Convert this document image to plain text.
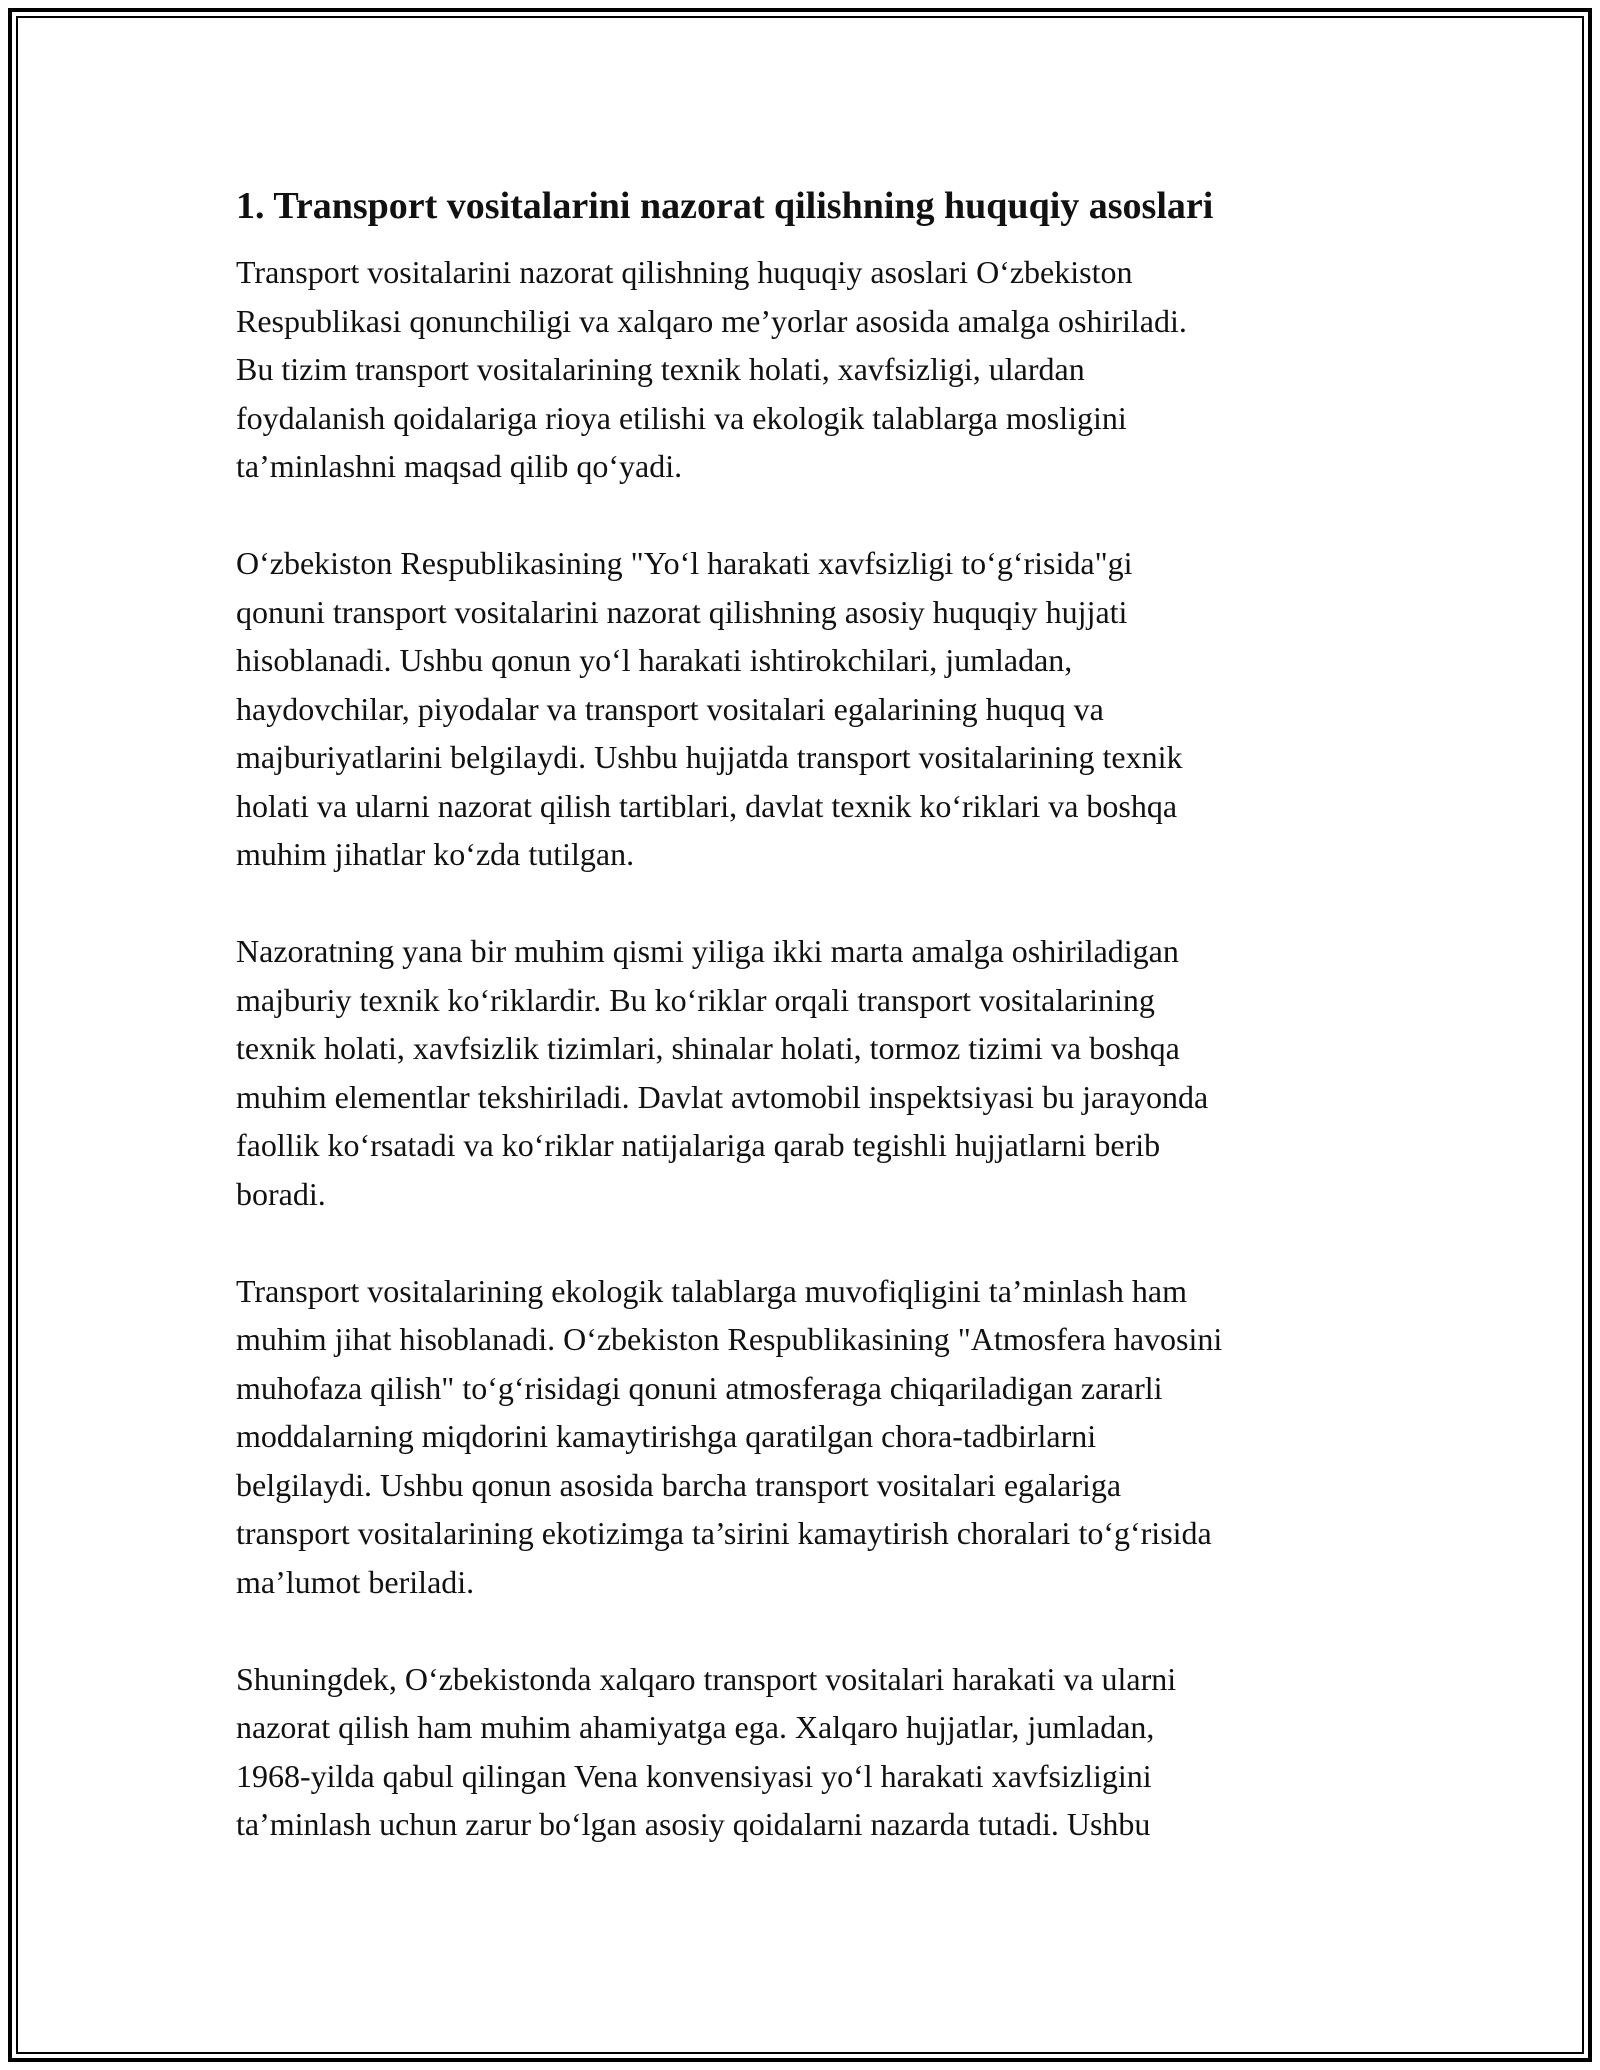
1. Transport vositalarini nazorat qilishning huquqiy asoslari

Transport vositalarini nazorat qilishning huquqiy asoslari O‘zbekiston
Respublikasi qonunchiligi va xalqaro me’yorlar asosida amalga oshiriladi.
Bu tizim transport vositalarining texnik holati, xavfsizligi, ulardan
foydalanish qoidalariga rioya etilishi va ekologik talablarga mosligini
ta’minlashni maqsad qilib qo‘yadi.

O‘zbekiston Respublikasining "Yo‘l harakati xavfsizligi to‘g‘risida"gi
qonuni transport vositalarini nazorat qilishning asosiy huquqiy hujjati
hisoblanadi. Ushbu qonun yo‘l harakati ishtirokchilari, jumladan,
haydovchilar, piyodalar va transport vositalari egalarining huquq va
majburiyatlarini belgilaydi. Ushbu hujjatda transport vositalarining texnik
holati va ularni nazorat qilish tartiblari, davlat texnik ko‘riklari va boshqa
muhim jihatlar ko‘zda tutilgan.

Nazoratning yana bir muhim qismi yiliga ikki marta amalga oshiriladigan
majburiy texnik ko‘riklardir. Bu ko‘riklar orqali transport vositalarining
texnik holati, xavfsizlik tizimlari, shinalar holati, tormoz tizimi va boshqa
muhim elementlar tekshiriladi. Davlat avtomobil inspektsiyasi bu jarayonda
faollik ko‘rsatadi va ko‘riklar natijalariga qarab tegishli hujjatlarni berib
boradi.

Transport vositalarining ekologik talablarga muvofiqligini ta’minlash ham
muhim jihat hisoblanadi. O‘zbekiston Respublikasining "Atmosfera havosini
muhofaza qilish" to‘g‘risidagi qonuni atmosferaga chiqariladigan zararli
moddalarning miqdorini kamaytirishga qaratilgan chora-tadbirlarni
belgilaydi. Ushbu qonun asosida barcha transport vositalari egalariga
transport vositalarining ekotizimga ta’sirini kamaytirish choralari to‘g‘risida
ma’lumot beriladi.

Shuningdek, O‘zbekistonda xalqaro transport vositalari harakati va ularni
nazorat qilish ham muhim ahamiyatga ega. Xalqaro hujjatlar, jumladan,
1968-yilda qabul qilingan Vena konvensiyasi yo‘l harakati xavfsizligini
ta’minlash uchun zarur bo‘lgan asosiy qoidalarni nazarda tutadi. Ushbu
